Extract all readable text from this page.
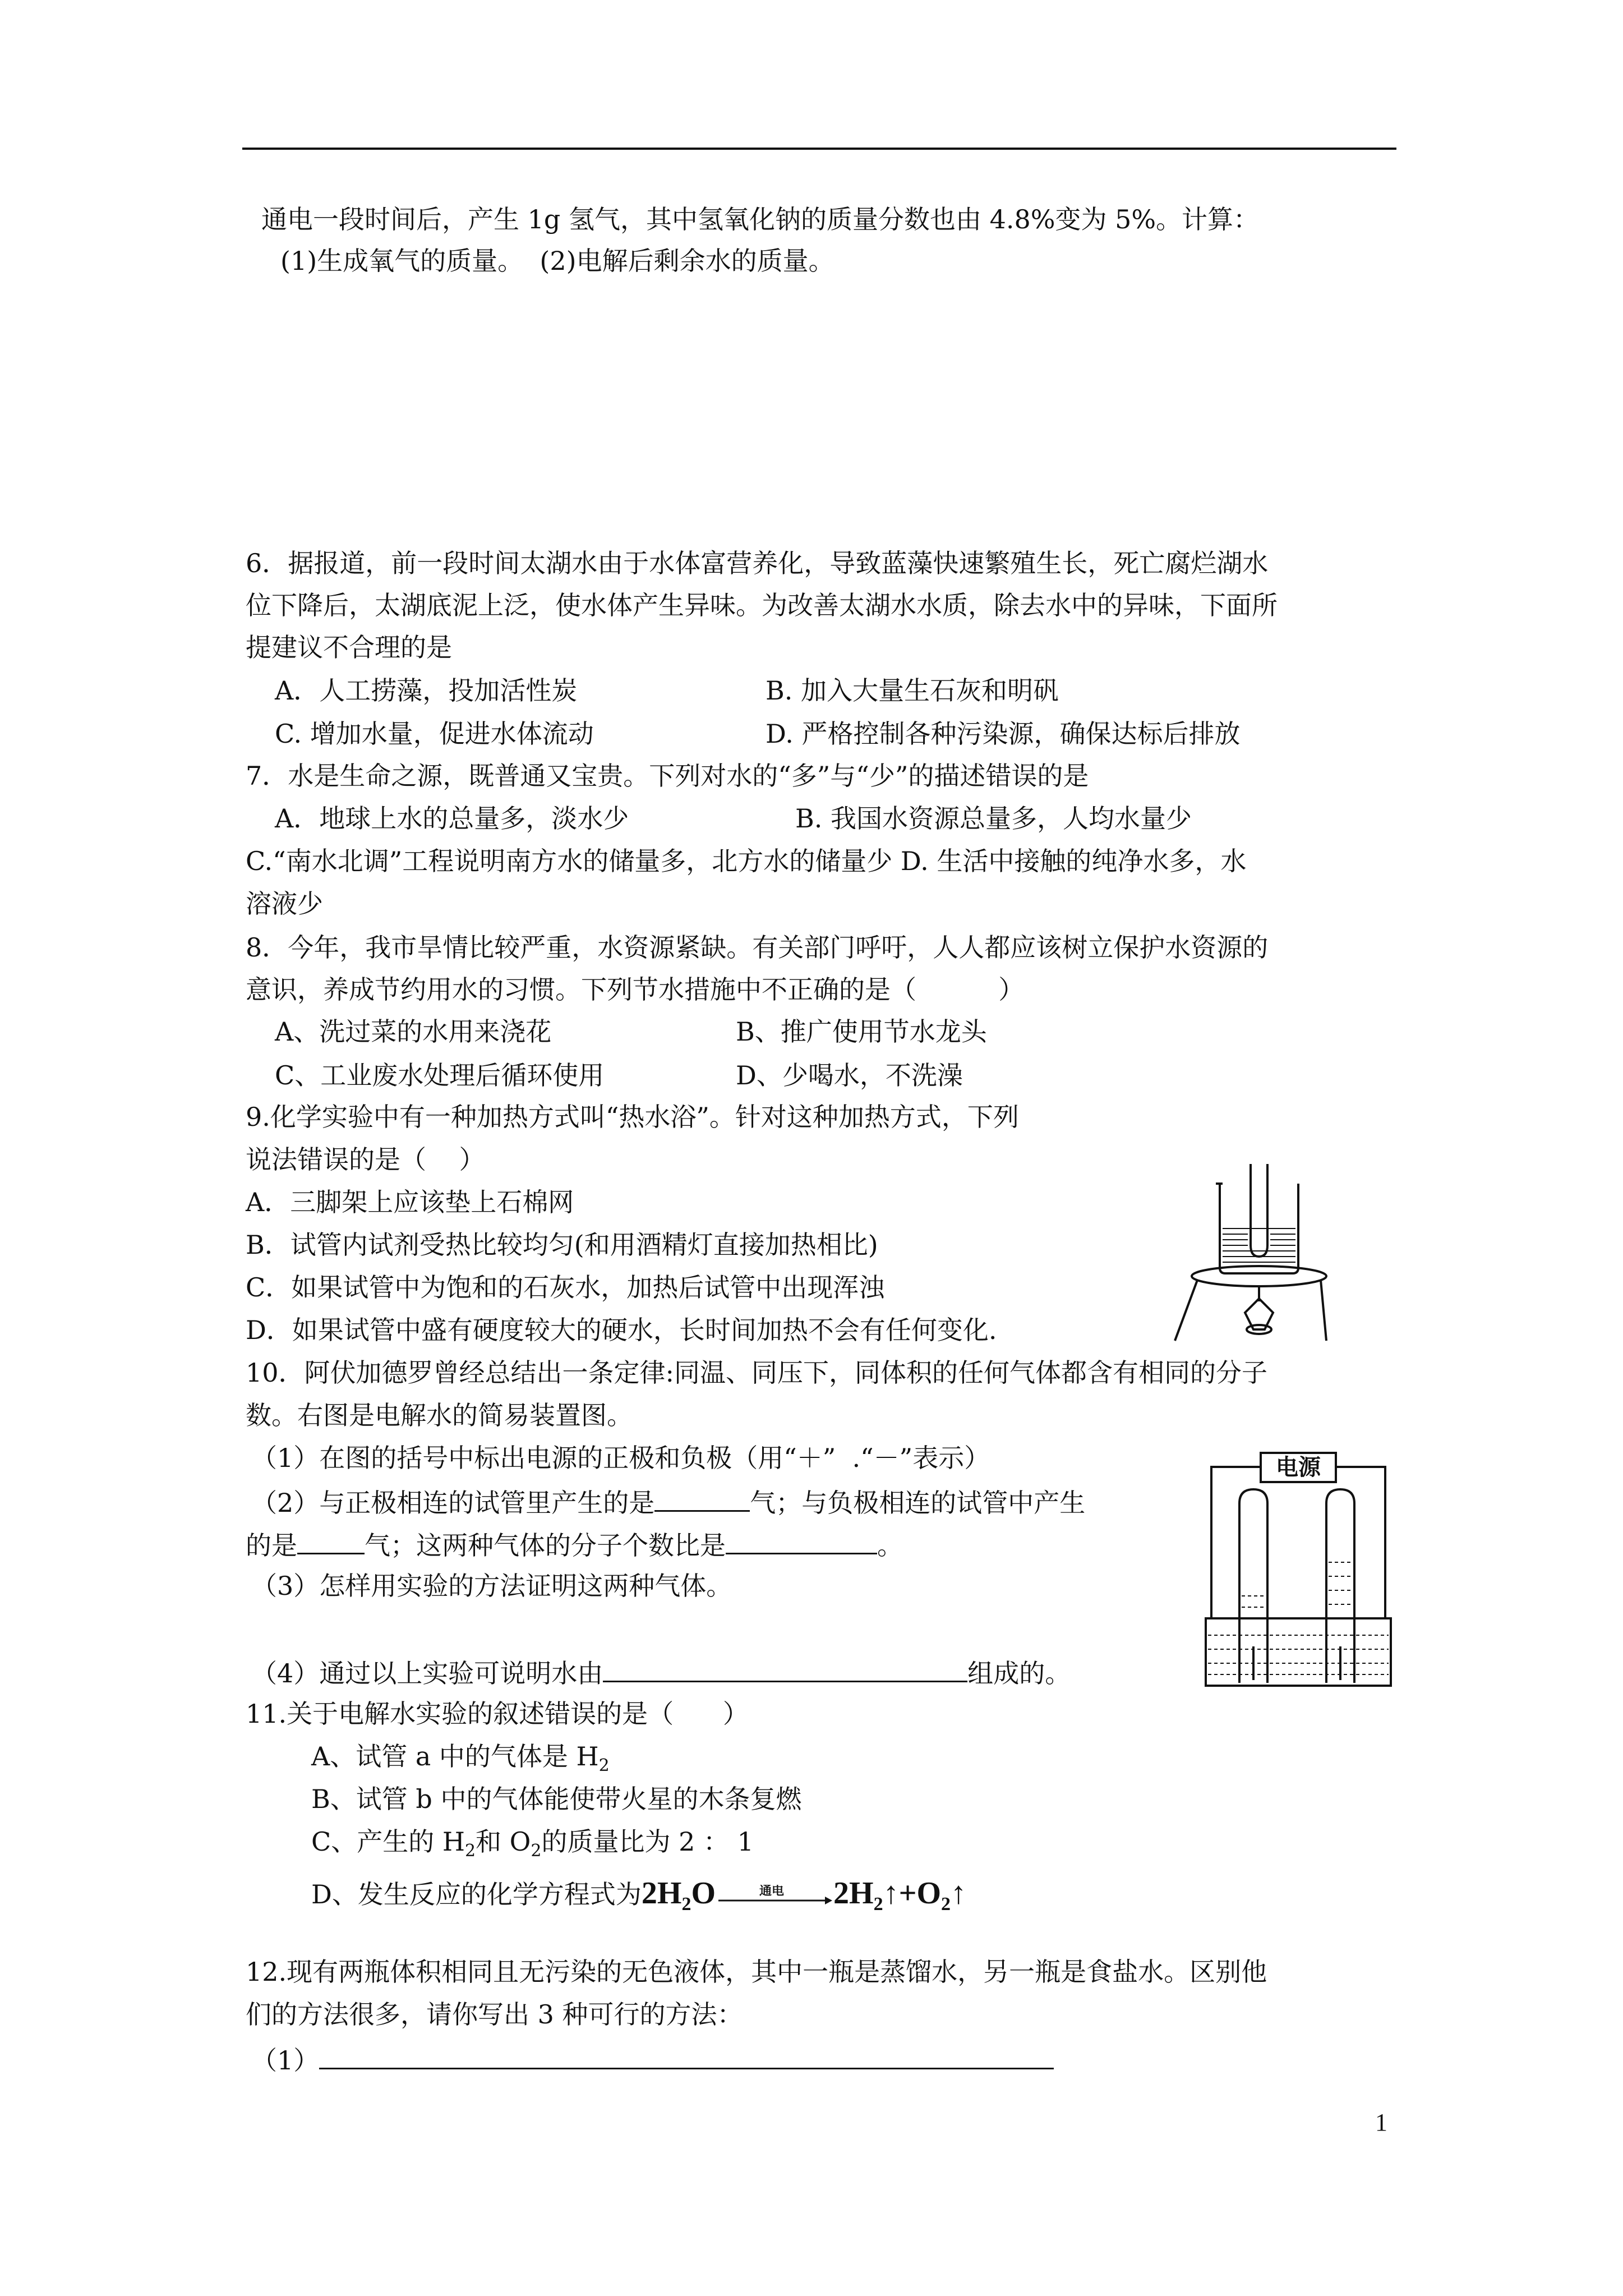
通电一段时间后，产生 1g 氢气，其中氢氧化钠的质量分数也由 4.8%变为 5%。计算：
(1)生成氧气的质量。  (2)电解后剩余水的质量。
6．据报道，前一段时间太湖水由于水体富营养化，导致蓝藻快速繁殖生长，死亡腐烂湖水
位下降后，太湖底泥上泛，使水体产生异味。为改善太湖水水质，除去水中的异味，下面所
提建议不合理的是
A．人工捞藻，投加活性炭	B. 加入大量生石灰和明矾
C. 增加水量，促进水体流动	D. 严格控制各种污染源，确保达标后排放
7．水是生命之源，既普通又宝贵。下列对水的“多”与“少”的描述错误的是
A．地球上水的总量多，淡水少	B. 我国水资源总量多，人均水量少
C.“南水北调”工程说明南方水的储量多，北方水的储量少 D. 生活中接触的纯净水多，水
溶液少
8．今年，我市旱情比较严重，水资源紧缺。有关部门呼吁，人人都应该树立保护水资源的
意识，养成节约用水的习惯。下列节水措施中不正确的是（          ）
A、洗过菜的水用来浇花	B、推广使用节水龙头
C、工业废水处理后循环使用	D、少喝水，不洗澡
9.化学实验中有一种加热方式叫“热水浴”。针对这种加热方式，下列
说法错误的是（    ）
A．三脚架上应该垫上石棉网
B．试管内试剂受热比较均匀(和用酒精灯直接加热相比)
C．如果试管中为饱和的石灰水，加热后试管中出现浑浊
D．如果试管中盛有硬度较大的硬水，长时间加热不会有任何变化.
10．阿伏加德罗曾经总结出一条定律:同温、同压下，同体积的任何气体都含有相同的分子
数。右图是电解水的简易装置图。
（1）在图的括号中标出电源的正极和负极（用“＋”  .“－”表示）
（2）与正极相连的试管里产生的是	气；与负极相连的试管中产生
的是	气；这两种气体的分子个数比是	。
（3）怎样用实验的方法证明这两种气体。
（4）通过以上实验可说明水由	组成的。
电源
11.关于电解水实验的叙述错误的是（      ）
A、试管 a 中的气体是 $H_2$
B、试管 b 中的气体能使带火星的木条复燃
C、产生的 $H_2$和 $O_2$的质量比为 2 ： 1
D、发生反应的化学方程式为$2H_2O$	通电 $2H_2↑+O_2↑$
12.现有两瓶体积相同且无污染的无色液体，其中一瓶是蒸馏水，另一瓶是食盐水。区别他
们的方法很多，请你写出 3 种可行的方法：
（1）
1
